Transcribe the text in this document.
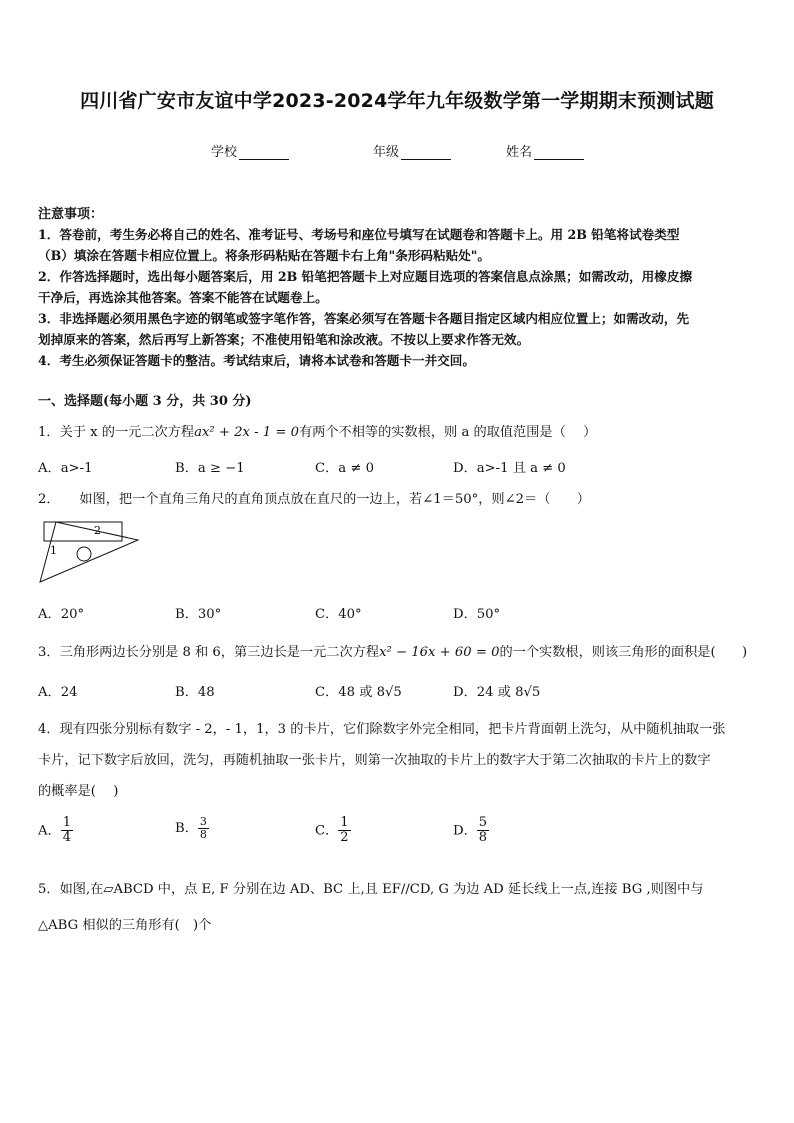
四川省广安市友谊中学2023-2024学年九年级数学第一学期期末预测试题
学校	年级	姓名
注意事项：
1．答卷前，考生务必将自己的姓名、准考证号、考场号和座位号填写在试题卷和答题卡上。用 2B 铅笔将试卷类型
（B）填涂在答题卡相应位置上。将条形码粘贴在答题卡右上角"条形码粘贴处"。
2．作答选择题时，选出每小题答案后，用 2B 铅笔把答题卡上对应题目选项的答案信息点涂黑；如需改动，用橡皮擦
干净后，再选涂其他答案。答案不能答在试题卷上。
3．非选择题必须用黑色字迹的钢笔或签字笔作答，答案必须写在答题卡各题目指定区域内相应位置上；如需改动，先
划掉原来的答案，然后再写上新答案；不准使用铅笔和涂改液。不按以上要求作答无效。
4．考生必须保证答题卡的整洁。考试结束后，请将本试卷和答题卡一并交回。
一、选择题(每小题 3 分，共 30 分)
1．关于 x 的一元二次方程ax² + 2x - 1 = 0有两个不相等的实数根，则 a 的取值范围是（　 ）
A．a>-1	B．a ≥ −1	C．a ≠ 0	D．a>-1 且 a ≠ 0
2．　　如图，把一个直角三角尺的直角顶点放在直尺的一边上，若∠1＝50°，则∠2＝（　　）
1
2
A．20°	B．30°	C．40°	D．50°
3．三角形两边长分别是 8 和 6，第三边长是一元二次方程x² − 16x + 60 = 0的一个实数根，则该三角形的面积是(　　)
A．24	B．48	C．48 或 8√5	D．24 或 8√5
4．现有四张分别标有数字 - 2，- 1，1，3 的卡片，它们除数字外完全相同，把卡片背面朝上洗匀，从中随机抽取一张
卡片，记下数字后放回，洗匀，再随机抽取一张卡片，则第一次抽取的卡片上的数字大于第二次抽取的卡片上的数字
的概率是(　 )
A． $\frac{1}{4}$	B． $\frac{3}{8}$	C． $\frac{1}{2}$	D． $\frac{5}{8}$
5．如图,在▱ABCD 中，点 E, F 分别在边 AD、BC 上,且 EF//CD, G 为边 AD 延长线上一点,连接 BG ,则图中与
△ABG 相似的三角形有(　)个
